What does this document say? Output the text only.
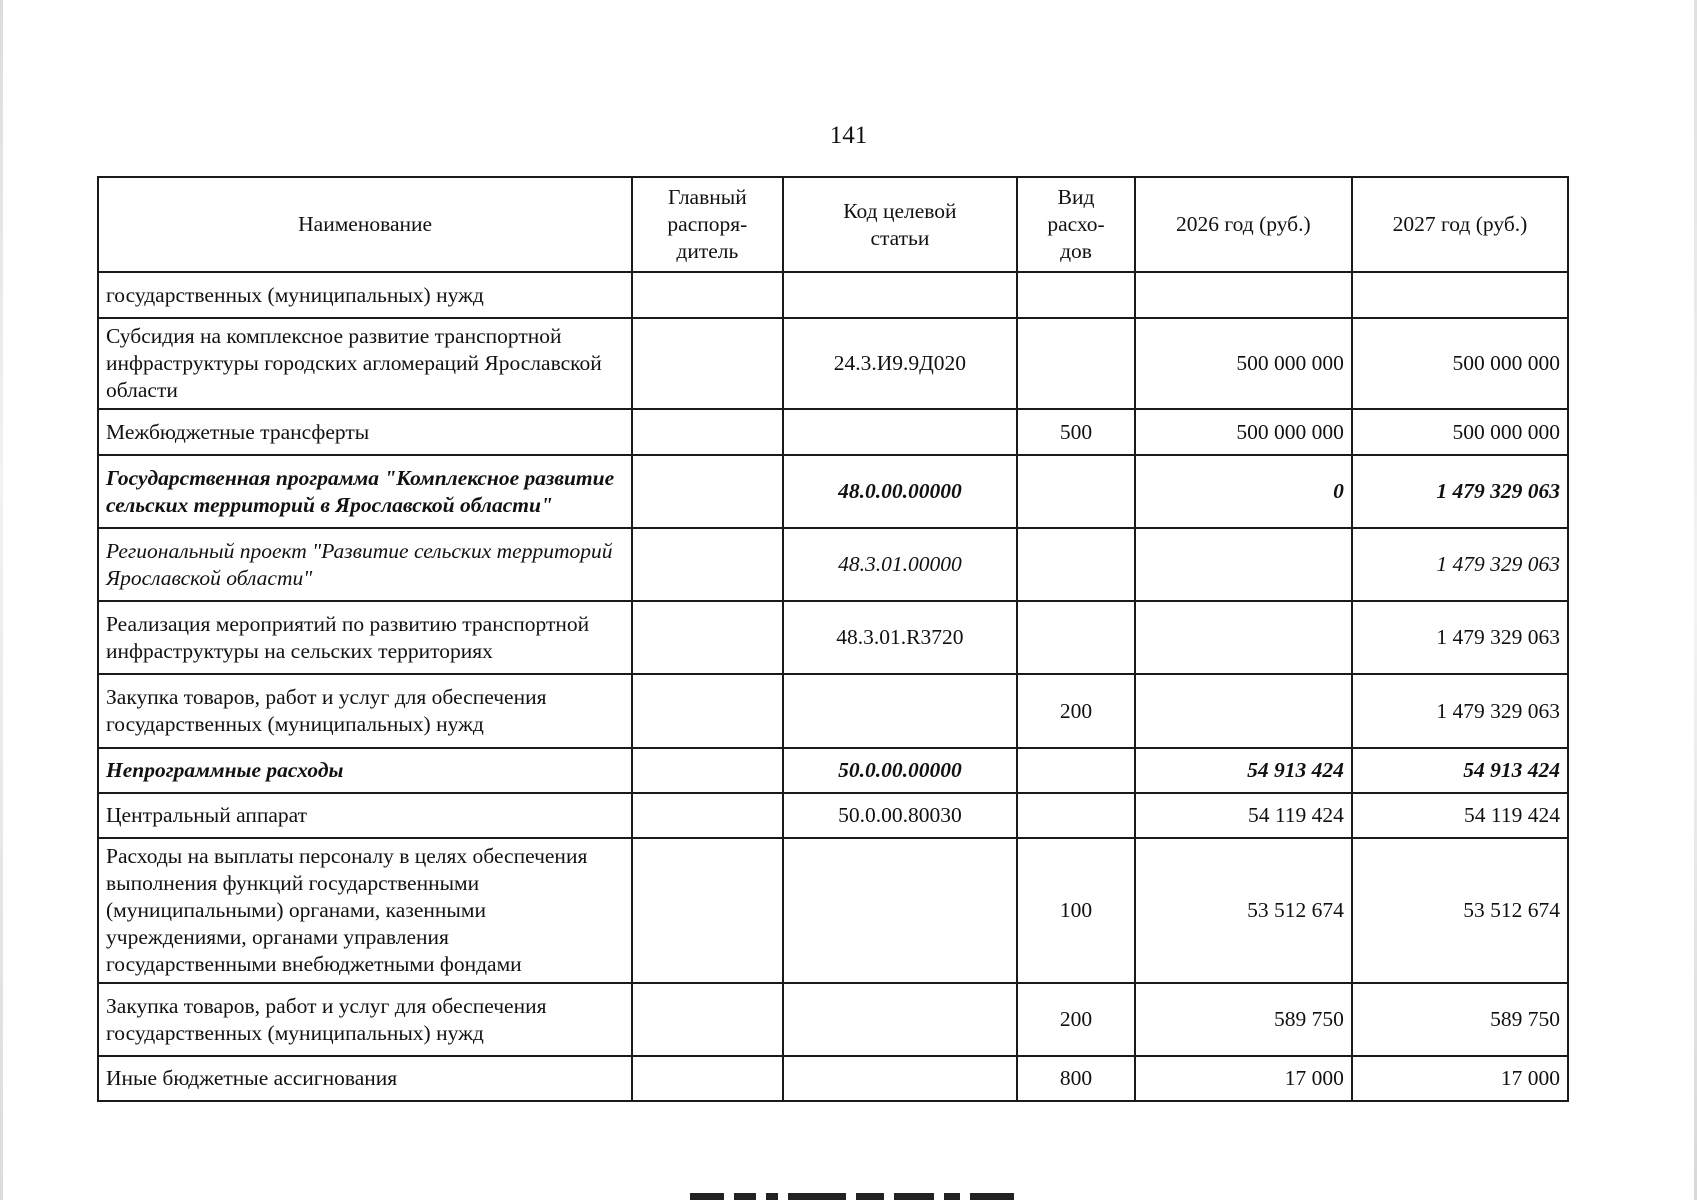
141
Наименование	Главный распоря-дитель	Код целевой статьи	Вид расхо-дов	2026 год (руб.)	2027 год (руб.)
государственных (муниципальных) нужд					
Субсидия на комплексное развитие транспортной инфраструктуры городских агломераций Ярославской области		24.3.И9.9Д020		500 000 000	500 000 000
Межбюджетные трансферты			500	500 000 000	500 000 000
Государственная программа "Комплексное развитие сельских территорий в Ярославской области"		48.0.00.00000		0	1 479 329 063
Региональный проект "Развитие сельских территорий Ярославской области"		48.3.01.00000			1 479 329 063
Реализация мероприятий по развитию транспортной инфраструктуры на сельских территориях		48.3.01.R3720			1 479 329 063
Закупка товаров, работ и услуг для обеспечения государственных (муниципальных) нужд			200		1 479 329 063
Непрограммные расходы		50.0.00.00000		54 913 424	54 913 424
Центральный аппарат		50.0.00.80030		54 119 424	54 119 424
Расходы на выплаты персоналу в целях обеспечения выполнения функций государственными (муниципальными) органами, казенными учреждениями, органами управления государственными внебюджетными фондами			100	53 512 674	53 512 674
Закупка товаров, работ и услуг для обеспечения государственных (муниципальных) нужд			200	589 750	589 750
Иные бюджетные ассигнования			800	17 000	17 000
